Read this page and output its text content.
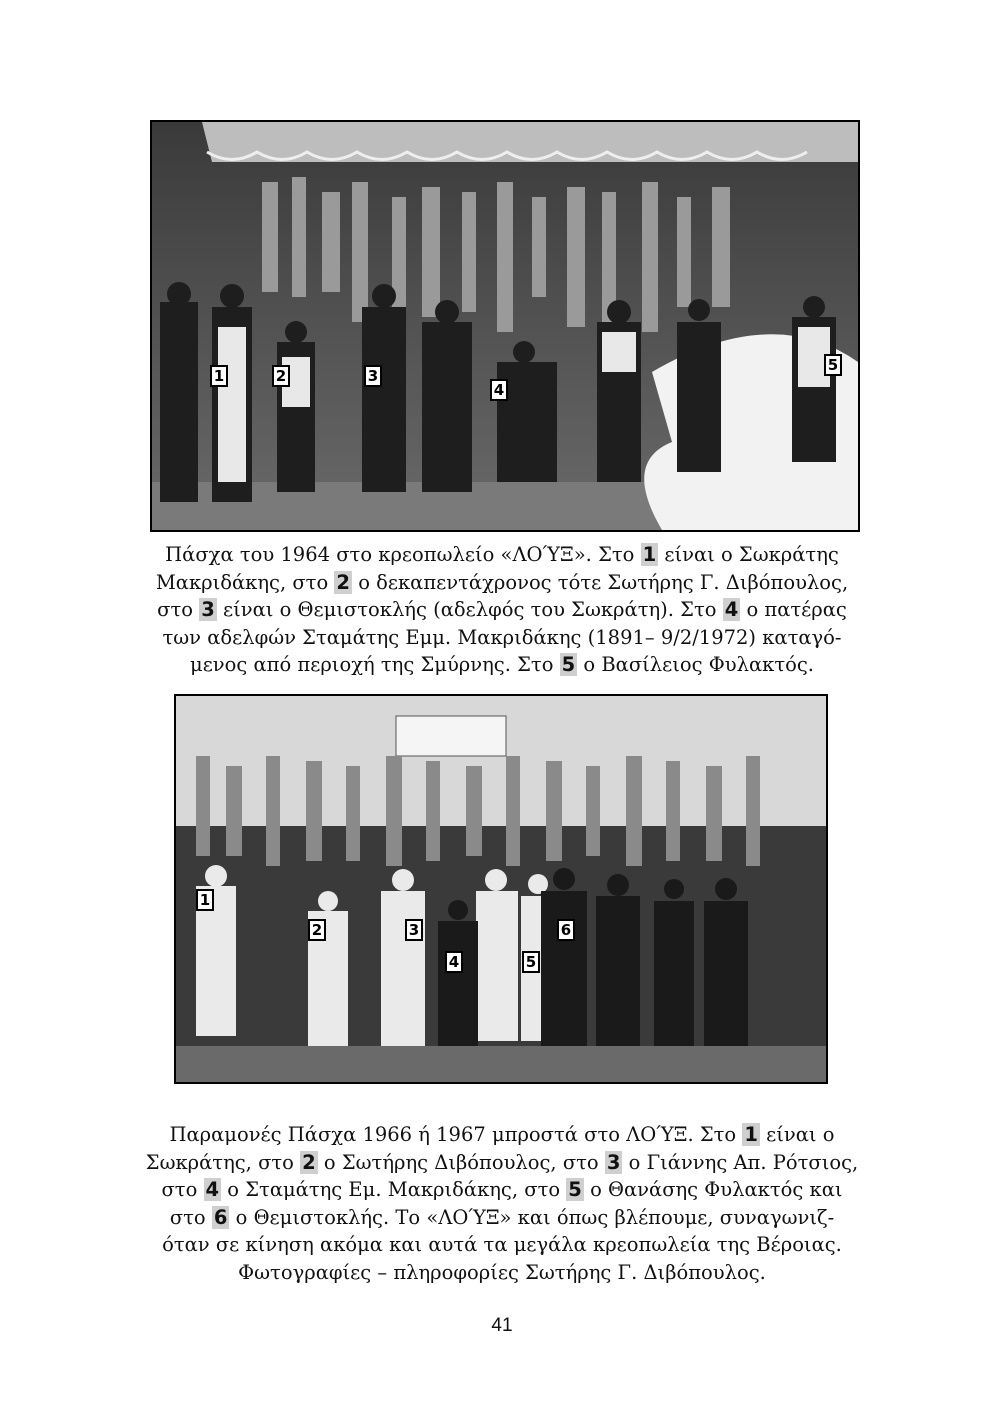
1	2	3
4
5
Πάσχα του 1964 στο κρεοπωλείο «ΛΟΎΞ». Στο 1 είναι ο Σωκράτης
Μακριδάκης, στο 2 ο δεκαπεντάχρονος τότε Σωτήρης Γ. Διβόπουλος,
στο 3 είναι ο Θεμιστοκλής (αδελφός του Σωκράτη). Στο 4 ο πατέρας
των αδελφών Σταμάτης Εμμ. Μακριδάκης (1891– 9/2/1972) καταγό-
μενος από περιοχή της Σμύρνης. Στο 5 ο Βασίλειος Φυλακτός.
1
2	3
4	5
6
Παραμονές Πάσχα 1966 ή 1967 μπροστά στο ΛΟΎΞ. Στο 1 είναι ο
Σωκράτης, στο 2 ο Σωτήρης Διβόπουλος, στο 3 ο Γιάννης Απ. Ρότσιος,
στο 4 ο Σταμάτης Εμ. Μακριδάκης, στο 5 ο Θανάσης Φυλακτός και
στο 6 ο Θεμιστοκλής. Το «ΛΟΎΞ» και όπως βλέπουμε, συναγωνιζ-
όταν σε κίνηση ακόμα και αυτά τα μεγάλα κρεοπωλεία της Βέροιας.
Φωτογραφίες – πληροφορίες Σωτήρης Γ. Διβόπουλος.
41
